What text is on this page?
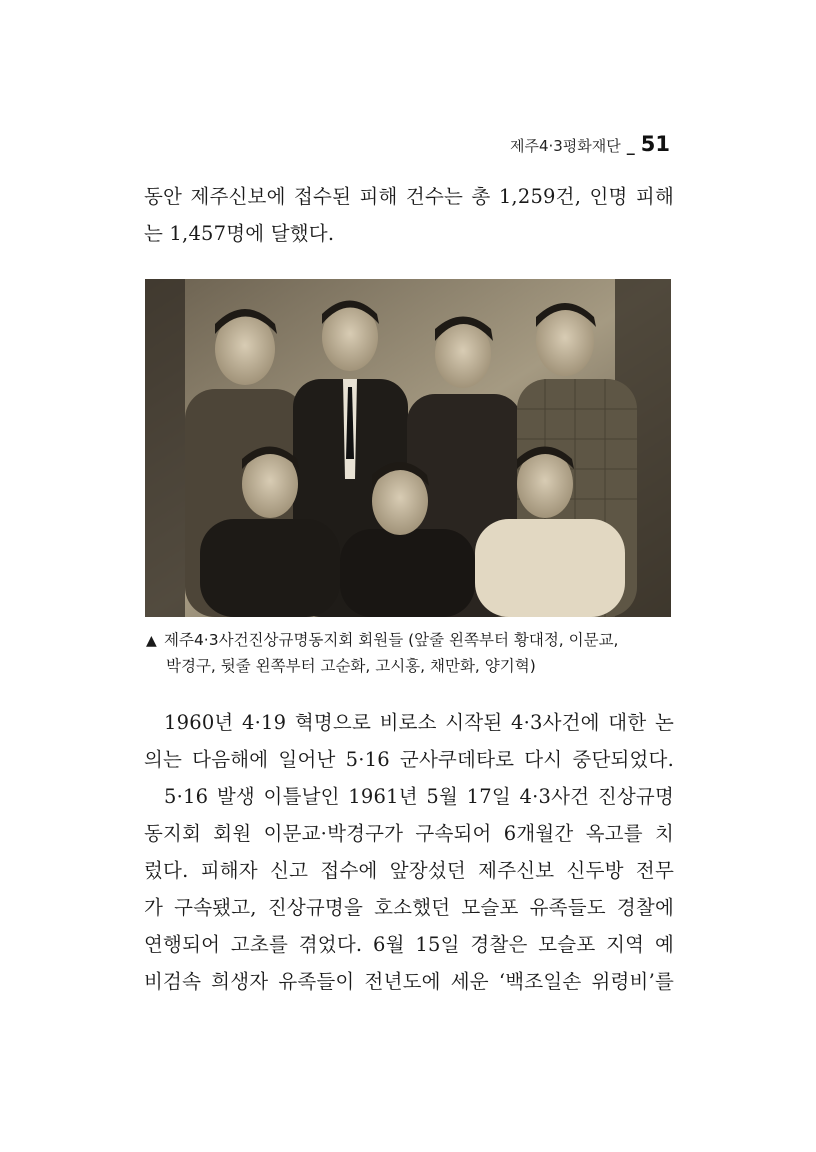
제주4·3평화재단 _ 51
동안 제주신보에 접수된 피해 건수는 총 1,259건, 인명 피해
는 1,457명에 달했다.
▲ 제주4·3사건진상규명동지회 회원들 (앞줄 왼쪽부터 황대정, 이문교,
박경구, 뒷줄 왼쪽부터 고순화, 고시홍, 채만화, 양기혁)
1960년 4·19 혁명으로 비로소 시작된 4·3사건에 대한 논
의는 다음해에 일어난 5·16 군사쿠데타로 다시 중단되었다.
5·16 발생 이틀날인 1961년 5월 17일 4·3사건 진상규명
동지회 회원 이문교·박경구가 구속되어 6개월간 옥고를 치
렀다. 피해자 신고 접수에 앞장섰던 제주신보 신두방 전무
가 구속됐고, 진상규명을 호소했던 모슬포 유족들도 경찰에
연행되어 고초를 겪었다. 6월 15일 경찰은 모슬포 지역 예
비검속 희생자 유족들이 전년도에 세운 ‘백조일손 위령비’를
